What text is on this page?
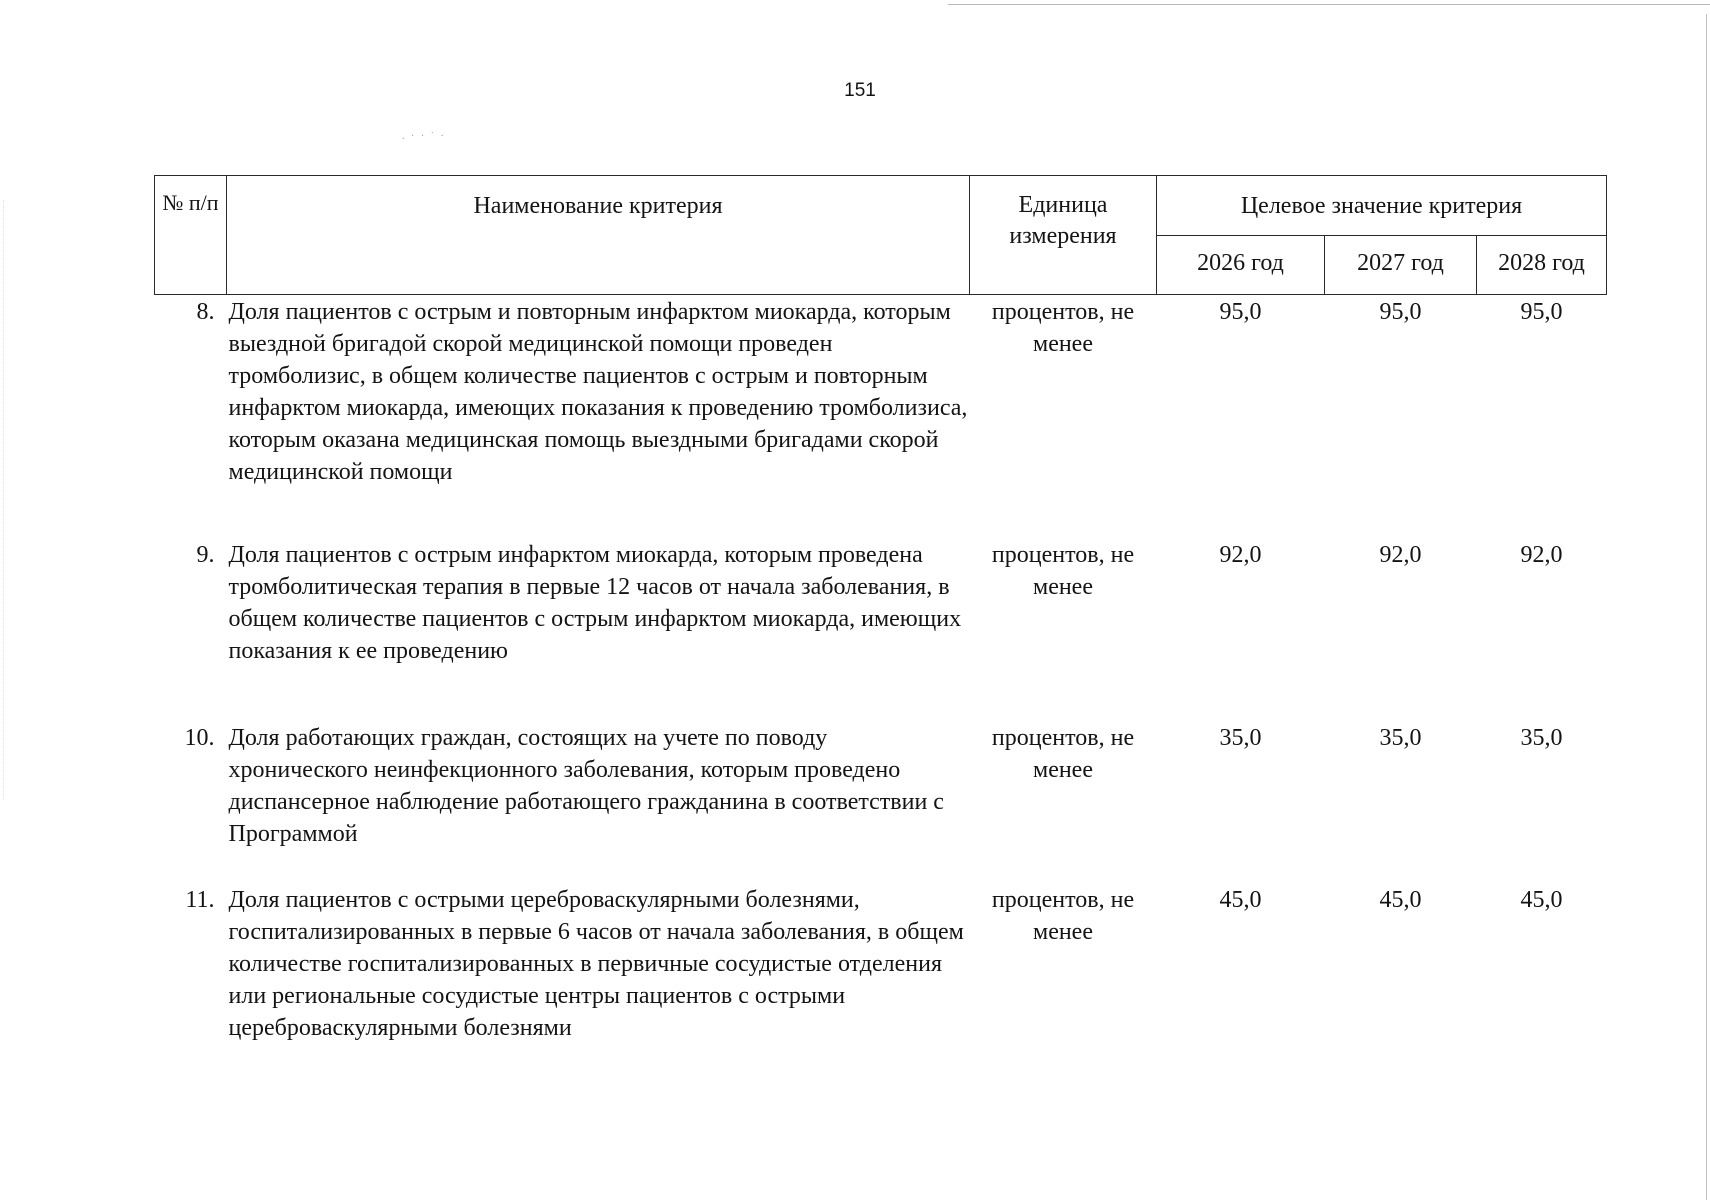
. · · ˙ ·
151
№ п/п	Наименование критерия	Единица измерения	Целевое значение критерия		
			2026 год	2027 год	2028 год
8.	Доля пациентов с острым и повторным инфарктом миокарда, которым выездной бригадой скорой медицинской помощи проведен тромболизис, в общем количестве пациентов с острым и повторным инфарктом миокарда, имеющих показания к проведению тромболизиса, которым оказана медицинская помощь выездными бригадами скорой медицинской помощи	процентов, не менее	95,0	95,0	95,0
9.	Доля пациентов с острым инфарктом миокарда, которым проведена тромболитическая терапия в первые 12 часов от начала заболевания, в общем количестве пациентов с острым инфарктом миокарда, имеющих показания к ее проведению	процентов, не менее	92,0	92,0	92,0
10.	Доля работающих граждан, состоящих на учете по поводу хронического неинфекционного заболевания, которым проведено диспансерное наблюдение работающего гражданина в соответствии с Программой	процентов, не менее	35,0	35,0	35,0
11.	Доля пациентов с острыми цереброваскулярными болезнями, госпитализированных в первые 6 часов от начала заболевания, в общем количестве госпитализированных в первичные сосудистые отделения или региональные сосудистые центры пациентов с острыми цереброваскулярными болезнями	процентов, не менее	45,0	45,0	45,0
